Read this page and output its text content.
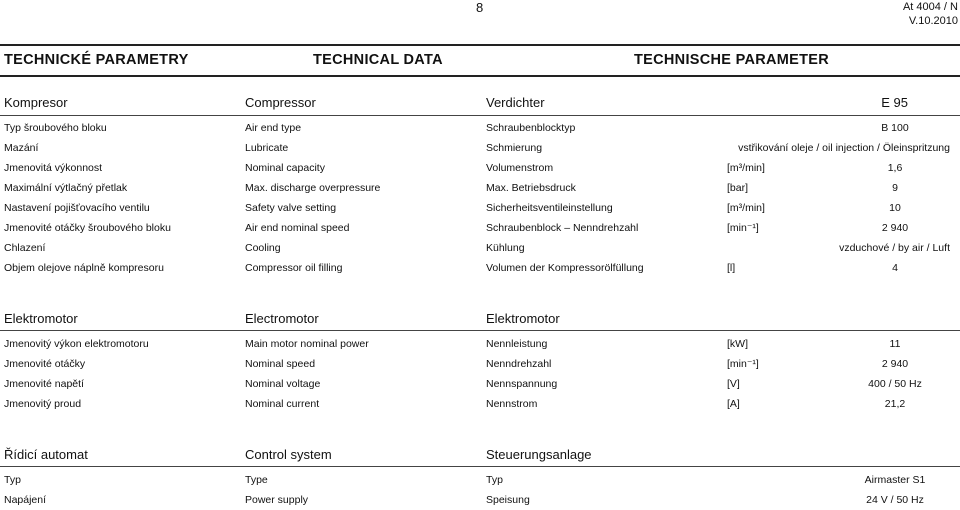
8	At 4004 / N
V.10.2010
TECHNICKÉ PARAMETRY	TECHNICAL DATA	TECHNISCHE PARAMETER
Kompresor	Compressor	Verdichter	E 95
Typ šroubového bloku	Air end type	Schraubenblocktyp	B 100
Mazání	Lubricate	Schmierung	vstřikování oleje / oil injection / Öleinspritzung
Jmenovitá výkonnost	Nominal capacity	Volumenstrom	[m³/min]	1,6
Maximální výtlačný přetlak	Max. discharge overpressure	Max. Betriebsdruck	[bar]	9
Nastavení pojišťovacího ventilu	Safety valve setting	Sicherheitsventileinstellung	[m³/min]	10
Jmenovité otáčky šroubového bloku	Air end nominal speed	Schraubenblock – Nenndrehzahl	[min⁻¹]	2 940
Chlazení	Cooling	Kühlung	vzduchové / by air / Luft
Objem olejove náplně kompresoru	Compressor oil filling	Volumen der Kompressorölfüllung	[l]	4
Elektromotor	Electromotor	Elektromotor
Jmenovitý výkon elektromotoru	Main motor nominal power	Nennleistung	[kW]	11
Jmenovité otáčky	Nominal speed	Nenndrehzahl	[min⁻¹]	2 940
Jmenovité napětí	Nominal voltage	Nennspannung	[V]	400 / 50 Hz
Jmenovitý proud	Nominal current	Nennstrom	[A]	21,2
Řídicí automat	Control system	Steuerungsanlage
Typ	Type	Typ	Airmaster S1
Napájení	Power supply	Speisung	24 V / 50 Hz
